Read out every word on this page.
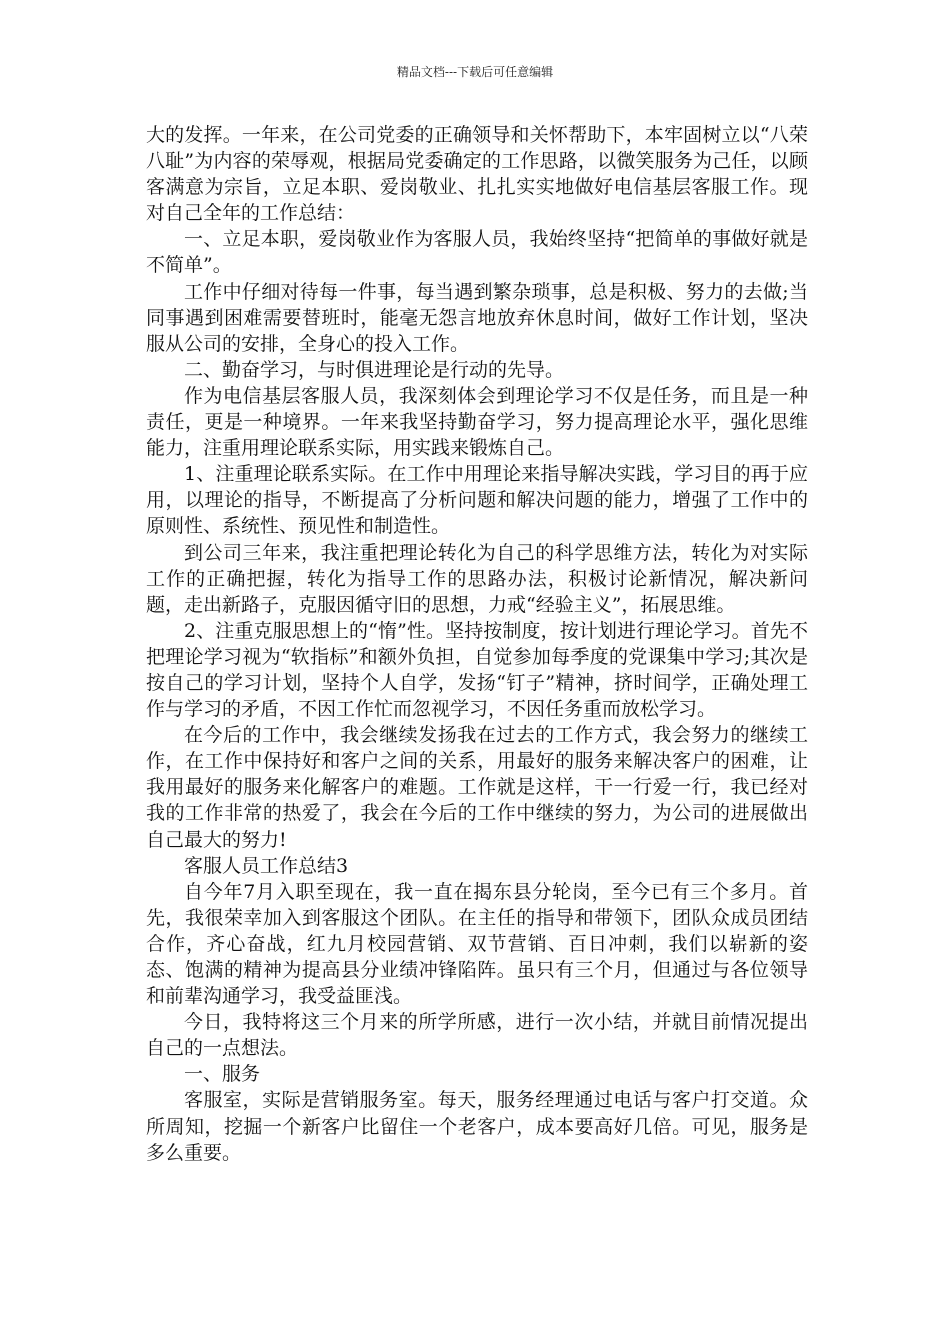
精品文档---下载后可任意编辑

大的发挥。一年来，在公司党委的正确领导和关怀帮助下，本牢固树立以“八荣八耻”为内容的荣辱观，根据局党委确定的工作思路，以微笑服务为己任，以顾客满意为宗旨，立足本职、爱岗敬业、扎扎实实地做好电信基层客服工作。现对自己全年的工作总结：

一、立足本职，爱岗敬业作为客服人员，我始终坚持“把简单的事做好就是不简单”。

工作中仔细对待每一件事，每当遇到繁杂琐事，总是积极、努力的去做;当同事遇到困难需要替班时，能毫无怨言地放弃休息时间，做好工作计划，坚决服从公司的安排，全身心的投入工作。

二、勤奋学习，与时俱进理论是行动的先导。

作为电信基层客服人员，我深刻体会到理论学习不仅是任务，而且是一种责任，更是一种境界。一年来我坚持勤奋学习，努力提高理论水平，强化思维能力，注重用理论联系实际，用实践来锻炼自己。

1、注重理论联系实际。在工作中用理论来指导解决实践，学习目的再于应用，以理论的指导，不断提高了分析问题和解决问题的能力，增强了工作中的原则性、系统性、预见性和制造性。

到公司三年来，我注重把理论转化为自己的科学思维方法，转化为对实际工作的正确把握，转化为指导工作的思路办法，积极讨论新情况，解决新问题，走出新路子，克服因循守旧的思想，力戒“经验主义”，拓展思维。

2、注重克服思想上的“惰”性。坚持按制度，按计划进行理论学习。首先不把理论学习视为“软指标”和额外负担，自觉参加每季度的党课集中学习;其次是按自己的学习计划，坚持个人自学，发扬“钉子”精神，挤时间学，正确处理工作与学习的矛盾，不因工作忙而忽视学习，不因任务重而放松学习。

在今后的工作中，我会继续发扬我在过去的工作方式，我会努力的继续工作，在工作中保持好和客户之间的关系，用最好的服务来解决客户的困难，让我用最好的服务来化解客户的难题。工作就是这样，干一行爱一行，我已经对我的工作非常的热爱了，我会在今后的工作中继续的努力，为公司的进展做出自己最大的努力!

客服人员工作总结3

自今年7月入职至现在，我一直在揭东县分轮岗，至今已有三个多月。首先，我很荣幸加入到客服这个团队。在主任的指导和带领下，团队众成员团结合作，齐心奋战，红九月校园营销、双节营销、百日冲刺，我们以崭新的姿态、饱满的精神为提高县分业绩冲锋陷阵。虽只有三个月，但通过与各位领导和前辈沟通学习，我受益匪浅。

今日，我特将这三个月来的所学所感，进行一次小结，并就目前情况提出自己的一点想法。

一、服务

客服室，实际是营销服务室。每天，服务经理通过电话与客户打交道。众所周知，挖掘一个新客户比留住一个老客户，成本要高好几倍。可见，服务是多么重要。
